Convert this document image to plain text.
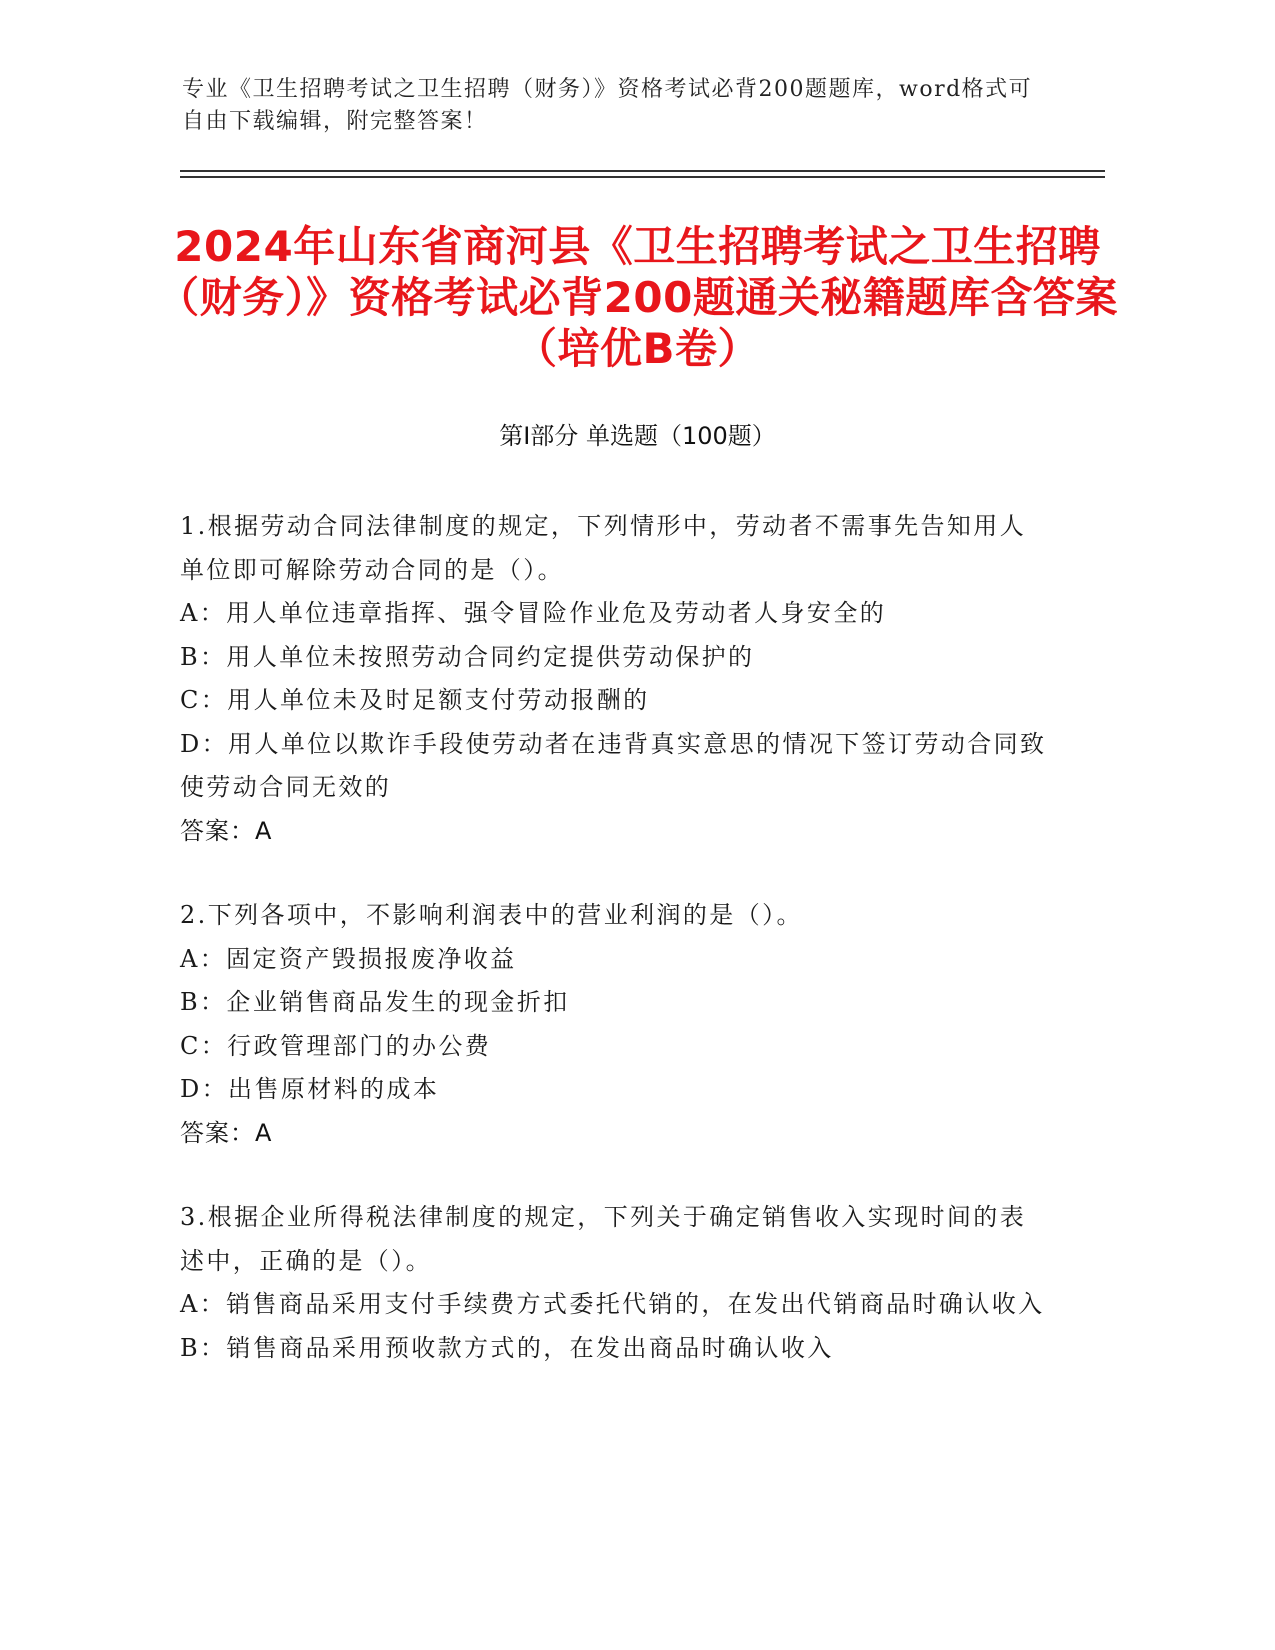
专业《卫生招聘考试之卫生招聘（财务）》资格考试必背200题题库，word格式可自由下载编辑，附完整答案！
2024年山东省商河县《卫生招聘考试之卫生招聘（财务）》资格考试必背200题通关秘籍题库含答案（培优B卷）
第I部分 单选题（100题）
1.根据劳动合同法律制度的规定，下列情形中，劳动者不需事先告知用人单位即可解除劳动合同的是（）。
A：用人单位违章指挥、强令冒险作业危及劳动者人身安全的
B：用人单位未按照劳动合同约定提供劳动保护的
C：用人单位未及时足额支付劳动报酬的
D：用人单位以欺诈手段使劳动者在违背真实意思的情况下签订劳动合同致使劳动合同无效的
答案：A
2.下列各项中，不影响利润表中的营业利润的是（）。
A：固定资产毁损报废净收益
B：企业销售商品发生的现金折扣
C：行政管理部门的办公费
D：出售原材料的成本
答案：A
3.根据企业所得税法律制度的规定，下列关于确定销售收入实现时间的表述中，正确的是（）。
A：销售商品采用支付手续费方式委托代销的，在发出代销商品时确认收入
B：销售商品采用预收款方式的，在发出商品时确认收入
